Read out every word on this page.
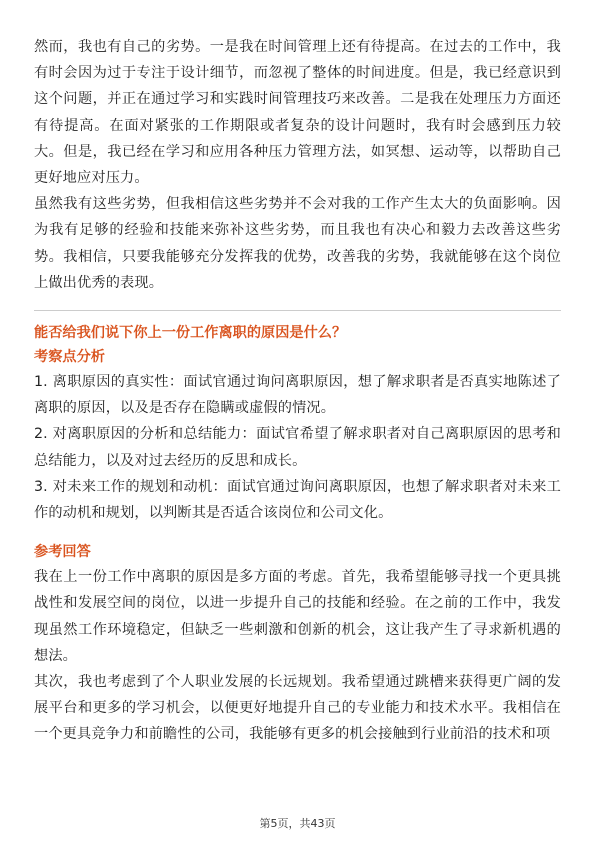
然而，我也有自己的劣势。一是我在时间管理上还有待提高。在过去的工作中，我有时会因为过于专注于设计细节，而忽视了整体的时间进度。但是，我已经意识到这个问题，并正在通过学习和实践时间管理技巧来改善。二是我在处理压力方面还有待提高。在面对紧张的工作期限或者复杂的设计问题时，我有时会感到压力较大。但是，我已经在学习和应用各种压力管理方法，如冥想、运动等，以帮助自己更好地应对压力。

虽然我有这些劣势，但我相信这些劣势并不会对我的工作产生太大的负面影响。因为我有足够的经验和技能来弥补这些劣势，而且我也有决心和毅力去改善这些劣势。我相信，只要我能够充分发挥我的优势，改善我的劣势，我就能够在这个岗位上做出优秀的表现。

能否给我们说下你上一份工作离职的原因是什么？

考察点分析

1. 离职原因的真实性：面试官通过询问离职原因，想了解求职者是否真实地陈述了离职的原因，以及是否存在隐瞒或虚假的情况。

2. 对离职原因的分析和总结能力：面试官希望了解求职者对自己离职原因的思考和总结能力，以及对过去经历的反思和成长。

3. 对未来工作的规划和动机：面试官通过询问离职原因，也想了解求职者对未来工作的动机和规划，以判断其是否适合该岗位和公司文化。

参考回答

我在上一份工作中离职的原因是多方面的考虑。首先，我希望能够寻找一个更具挑战性和发展空间的岗位，以进一步提升自己的技能和经验。在之前的工作中，我发现虽然工作环境稳定，但缺乏一些刺激和创新的机会，这让我产生了寻求新机遇的想法。

其次，我也考虑到了个人职业发展的长远规划。我希望通过跳槽来获得更广阔的发展平台和更多的学习机会，以便更好地提升自己的专业能力和技术水平。我相信在一个更具竞争力和前瞻性的公司，我能够有更多的机会接触到行业前沿的技术和项

第5页，共43页
